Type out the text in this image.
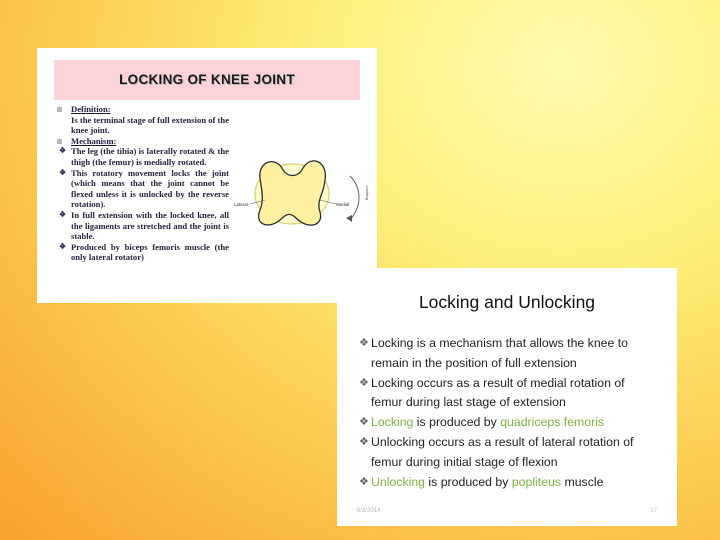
LOCKING OF KNEE JOINT
Definition:
Is the terminal stage of full extension of the knee joint.
Mechanism:
❖ The leg (the tibia) is laterally rotated & the thigh (the femur) is medially rotated.
❖ This rotatory movement locks the joint (which means that the joint cannot be flexed unless it is unlocked by the reverse rotation).
❖ In full extension with the locked knee, all the ligaments are stretched and the joint is stable.
❖ Produced by biceps femoris muscle (the only lateral rotator)
Lateral	Medial
Locking
Locking and Unlocking
❖ Locking is a mechanism that allows the knee to remain in the position of full extension
❖ Locking occurs as a result of medial rotation of femur during last stage of extension
❖ Locking is produced by quadriceps femoris
❖ Unlocking occurs as a result of lateral rotation of femur during initial stage of flexion
❖ Unlocking is produced by popliteus muscle
6/3/2014	17
